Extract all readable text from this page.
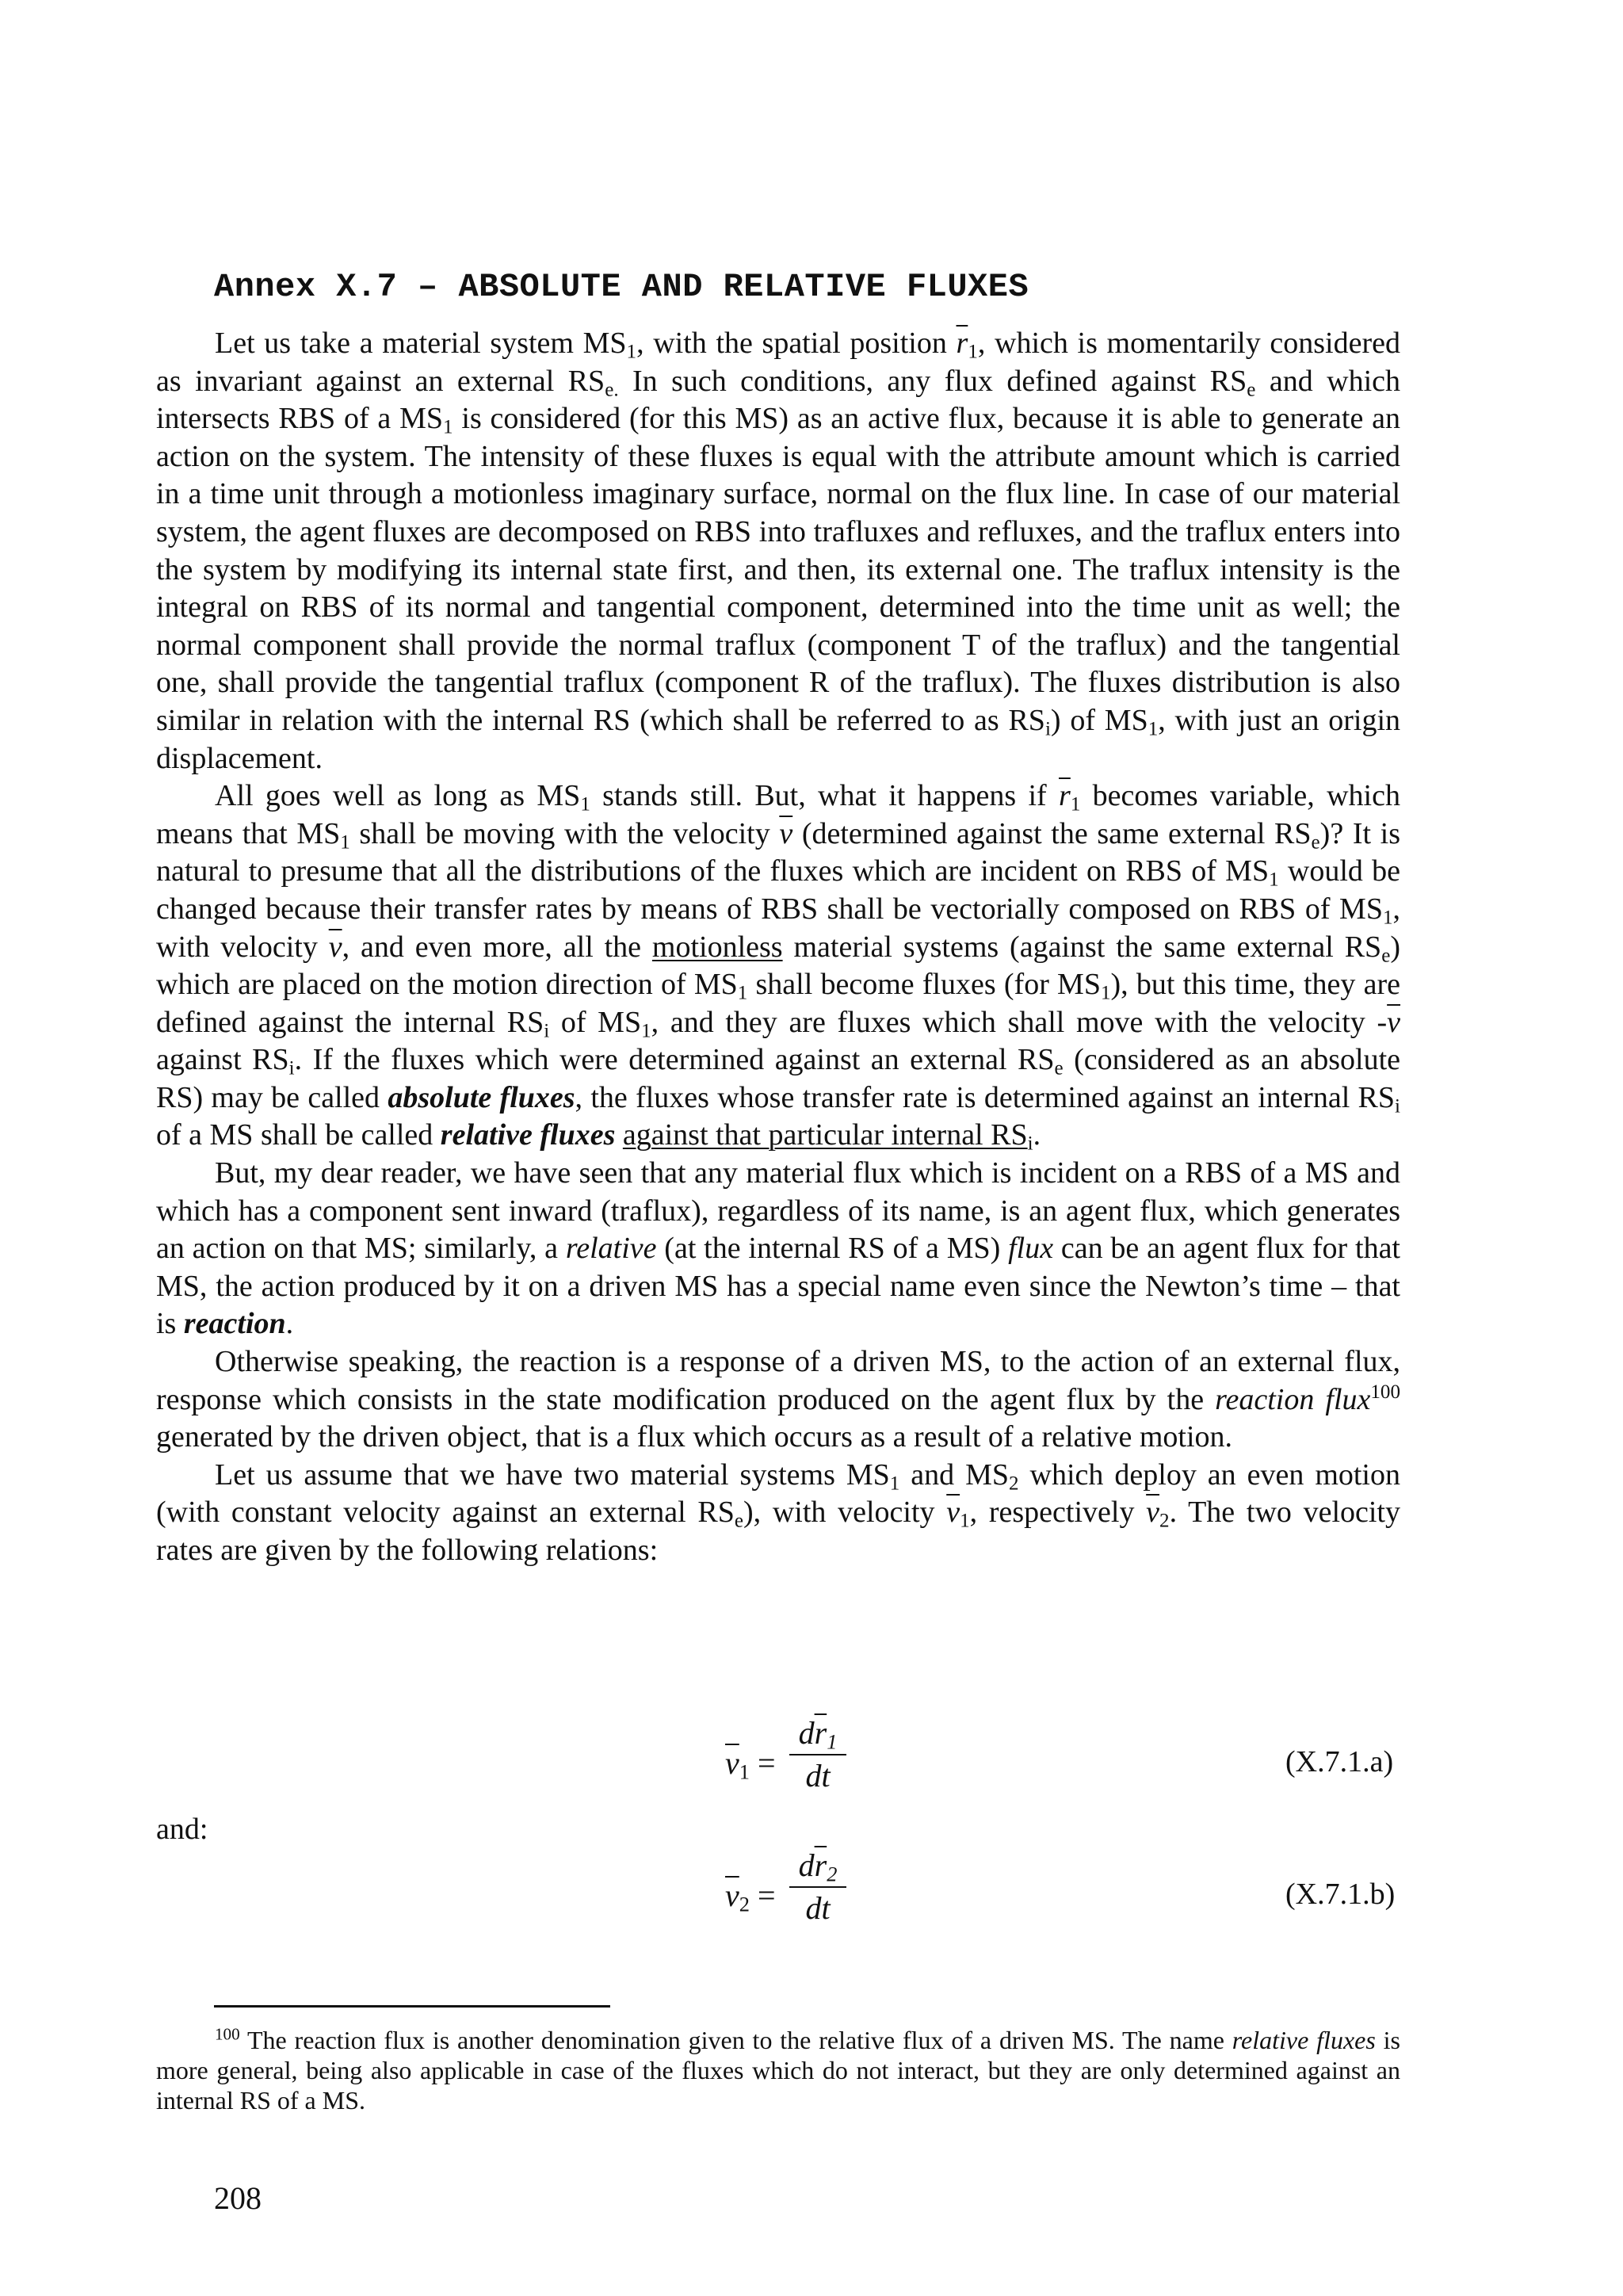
Annex X.7 – ABSOLUTE AND RELATIVE FLUXES

Let us take a material system $MS_1$, with the spatial position $\overline{r}_1$, which is momentarily considered as invariant against an external $RS_{e.}$ In such conditions, any flux defined against $RS_e$ and which intersects RBS of a $MS_1$ is considered (for this MS) as an active flux, because it is able to generate an action on the system. The intensity of these fluxes is equal with the attribute amount which is carried in a time unit through a motionless imaginary surface, normal on the flux line. In case of our material system, the agent fluxes are decomposed on RBS into trafluxes and refluxes, and the traflux enters into the system by modifying its internal state first, and then, its external one. The traflux intensity is the integral on RBS of its normal and tangential component, determined into the time unit as well; the normal component shall provide the normal traflux (component T of the traflux) and the tangential one, shall provide the tangential traflux (component R of the traflux). The fluxes distribution is also similar in relation with the internal RS (which shall be referred to as $RS_i$) of $MS_1$, with just an origin displacement.

All goes well as long as $MS_1$ stands still. But, what it happens if $\overline{r}_1$ becomes variable, which means that $MS_1$ shall be moving with the velocity $\overline{v}$ (determined against the same external $RS_e$)? It is natural to presume that all the distributions of the fluxes which are incident on RBS of $MS_1$ would be changed because their transfer rates by means of RBS shall be vectorially composed on RBS of $MS_1$, with velocity $\overline{v}$, and even more, all the motionless material systems (against the same external $RS_e$) which are placed on the motion direction of $MS_1$ shall become fluxes (for $MS_1$), but this time, they are defined against the internal $RS_i$ of $MS_1$, and they are fluxes which shall move with the velocity $-\overline{v}$ against $RS_i$. If the fluxes which were determined against an external $RS_e$ (considered as an absolute RS) may be called absolute fluxes, the fluxes whose transfer rate is determined against an internal $RS_i$ of a MS shall be called relative fluxes against that particular internal $RS_i$.

But, my dear reader, we have seen that any material flux which is incident on a RBS of a MS and which has a component sent inward (traflux), regardless of its name, is an agent flux, which generates an action on that MS; similarly, a relative (at the internal RS of a MS) flux can be an agent flux for that MS, the action produced by it on a driven MS has a special name even since the Newton’s time – that is reaction.

Otherwise speaking, the reaction is a response of a driven MS, to the action of an external flux, response which consists in the state modification produced on the agent flux by the reaction flux$^{100}$ generated by the driven object, that is a flux which occurs as a result of a relative motion.

Let us assume that we have two material systems $MS_1$ and $MS_2$ which deploy an even motion (with constant velocity against an external $RS_e$), with velocity $\overline{v}_1$, respectively $\overline{v}_2$. The two velocity rates are given by the following relations:

$\overline{v}_1$ =
$d\overline{r}_1$
dt	(X.7.1.a)
and:
$\overline{v}_2$ =
$d\overline{r}_2$
dt	(X.7.1.b)

$^{100}$ The reaction flux is another denomination given to the relative flux of a driven MS. The name relative fluxes is more general, being also applicable in case of the fluxes which do not interact, but they are only determined against an internal RS of a MS.

208
